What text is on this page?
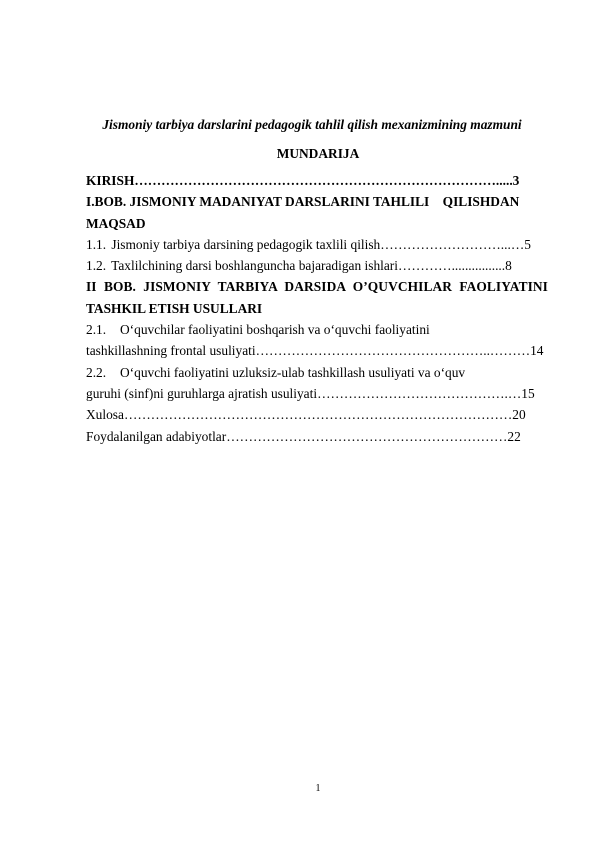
Jismoniy tarbiya darslarini pedagogik tahlil qilish mexanizmining mazmuni
MUNDARIJA
KIRISH ………………………………………………………………………..... 3
I.BOB. JISMONIY MADANIYAT DARSLARINI TAHLILI    QILISHDAN
MAQSAD
1.1. Jismoniy tarbiya darsining pedagogik taxlili qilish ………………………...… 5
1.2. Taxlilchining darsi boshlanguncha bajaradigan ishlari …………................ 8
II BOB. JISMONIY TARBIYA DARSIDA O’QUVCHILAR FAOLIYATINI
TASHKIL ETISH USULLARI
2.1. O‘quvchilar faoliyatini boshqarish va o‘quvchi faoliyatini
tashkillashning frontal usuliyati ……………………………………………..……… 14
2.2. O‘quvchi faoliyatini uzluksiz-ulab tashkillash usuliyati va o‘quv
guruhi (sinf)ni guruhlarga ajratish usuliyati …………………………………….… 15
Xulosa …………………………………………………………………………… 20
Foydalanilgan adabiyotlar ……………………………………………………… 22
1
